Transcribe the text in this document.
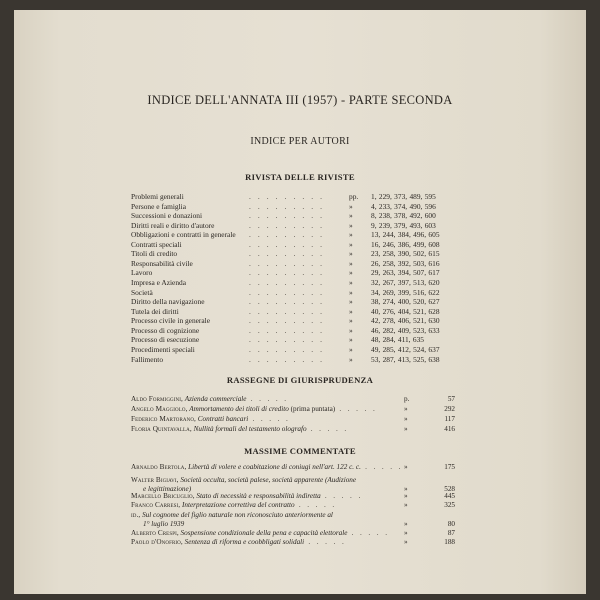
INDICE DELL'ANNATA III (1957) - PARTE SECONDA
INDICE PER AUTORI
RIVISTA DELLE RIVISTE
Problemi generali	. . . . . . . . .	pp. 1, 229, 373, 489, 595
Persone e famiglia	. . . . . . . . .	» 4, 233, 374, 490, 596
Successioni e donazioni	. . . . . . . . .	» 8, 238, 378, 492, 600
Diritti reali e diritto d'autore	. . . . . . . . .	» 9, 239, 379, 493, 603
Obbligazioni e contratti in generale . . . . . . . . .	» 13, 244, 384, 496, 605
Contratti speciali	. . . . . . . . .	» 16, 246, 386, 499, 608
Titoli di credito	. . . . . . . . .	» 23, 258, 390, 502, 615
Responsabilità civile	. . . . . . . . .	» 26, 258, 392, 503, 616
Lavoro	. . . . . . . . .	» 29, 263, 394, 507, 617
Impresa e Azienda	. . . . . . . . .	» 32, 267, 397, 513, 620
Società	. . . . . . . . .	» 34, 269, 399, 516, 622
Diritto della navigazione	. . . . . . . . .	» 38, 274, 400, 520, 627
Tutela dei diritti	. . . . . . . . .	» 40, 276, 404, 521, 628
Processo civile in generale	. . . . . . . . .	» 42, 278, 406, 521, 630
Processo di cognizione	. . . . . . . . .	» 46, 282, 409, 523, 633
Processo di esecuzione	. . . . . . . . .	» 48, 284, 411, 635
Procedimenti speciali	. . . . . . . . .	» 49, 285, 412, 524, 637
Fallimento	. . . . . . . . .	» 53, 287, 413, 525, 638
RASSEGNE DI GIURISPRUDENZA
Aldo Formiggini, Azienda commerciale . . . . .	p.	57
Angelo Maggiolo, Ammortamento dei titoli di credito (prima puntata) . . . . .	»	292
Federico Martorano, Contratti bancari . . . . .	»	117
Floria Quintavalla, Nullità formali del testamento olografo . . . . .	»	416
MASSIME COMMENTATE
Arnaldo Bertola, Libertà di volere e coabitazione di coniugi nell'art. 122 c. c. . . . . . »	175
Walter Bigiavi, Società occulta, società palese, società apparente (Audizione
e legittimazione)	»	528
Marcello Bricuglio, Stato di necessità e responsabilità indiretta . . . . .	»	445
Franco Carresi, Interpretazione correttiva del contratto . . . . .	»	325
id., Sul cognome del figlio naturale non riconosciuto anteriormente al
1° luglio 1939	»	80
Alberto Crespi, Sospensione condizionale della pena e capacità elettorale . . . . . »	87
Paolo d'Onofrio, Sentenza di riforma e coobbligati solidali . . . . .	»	188
